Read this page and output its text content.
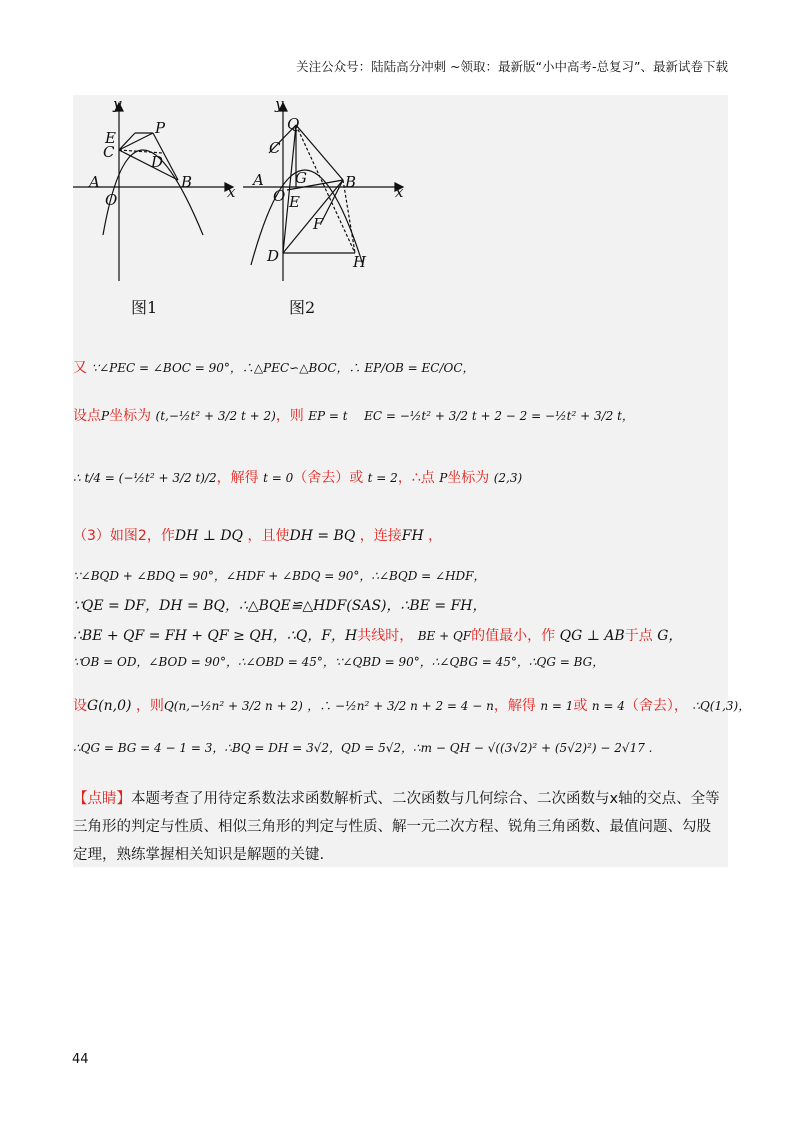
关注公众号：陆陆高分冲刺 ~领取：最新版“小中高考-总复习”、最新试卷下载
y
E
P
C
D
A
O
B
x
y
Q
C
A G	B
x
O E
F
D	H
图1	图2
又 ∵∠PEC = ∠BOC = 90°，∴△PEC∽△BOC，∴ EP/OB = EC/OC，
设点P坐标为 (t,−½t² + 3/2 t + 2)，则 EP = t EC = −½t² + 3/2 t + 2 − 2 = −½t² + 3/2 t，
∴ t/4 = (−½t² + 3/2 t)/2，解得 t = 0（舍去）或 t = 2，∴点 P坐标为 (2,3)
（3）如图2，作DH ⊥ DQ ，且使DH = BQ ，连接FH ，
∵∠BQD + ∠BDQ = 90°，∠HDF + ∠BDQ = 90°，∴∠BQD = ∠HDF，
∵QE = DF，DH = BQ，∴△BQE≌△HDF(SAS)，∴BE = FH，
∴BE + QF = FH + QF ≥ QH，∴Q，F，H共线时， BE + QF的值最小，作 QG ⊥ AB于点 G，
∵OB = OD，∠BOD = 90°，∴∠OBD = 45°，∵∠QBD = 90°，∴∠QBG = 45°，∴QG = BG，
设G(n,0) ，则Q(n,−½n² + 3/2 n + 2) ，∴ −½n² + 3/2 n + 2 = 4 − n，解得 n = 1或 n = 4（舍去）， ∴Q(1,3)，
∴QG = BG = 4 − 1 = 3，∴BQ = DH = 3√2，QD = 5√2，∴m − QH − √((3√2)² + (5√2)²) − 2√17 .
【点睛】本题考查了用待定系数法求函数解析式、二次函数与几何综合、二次函数与x轴的交点、全等三角形的判定与性质、相似三角形的判定与性质、解一元二次方程、锐角三角函数、最值问题、勾股定理，熟练掌握相关知识是解题的关键.
44
